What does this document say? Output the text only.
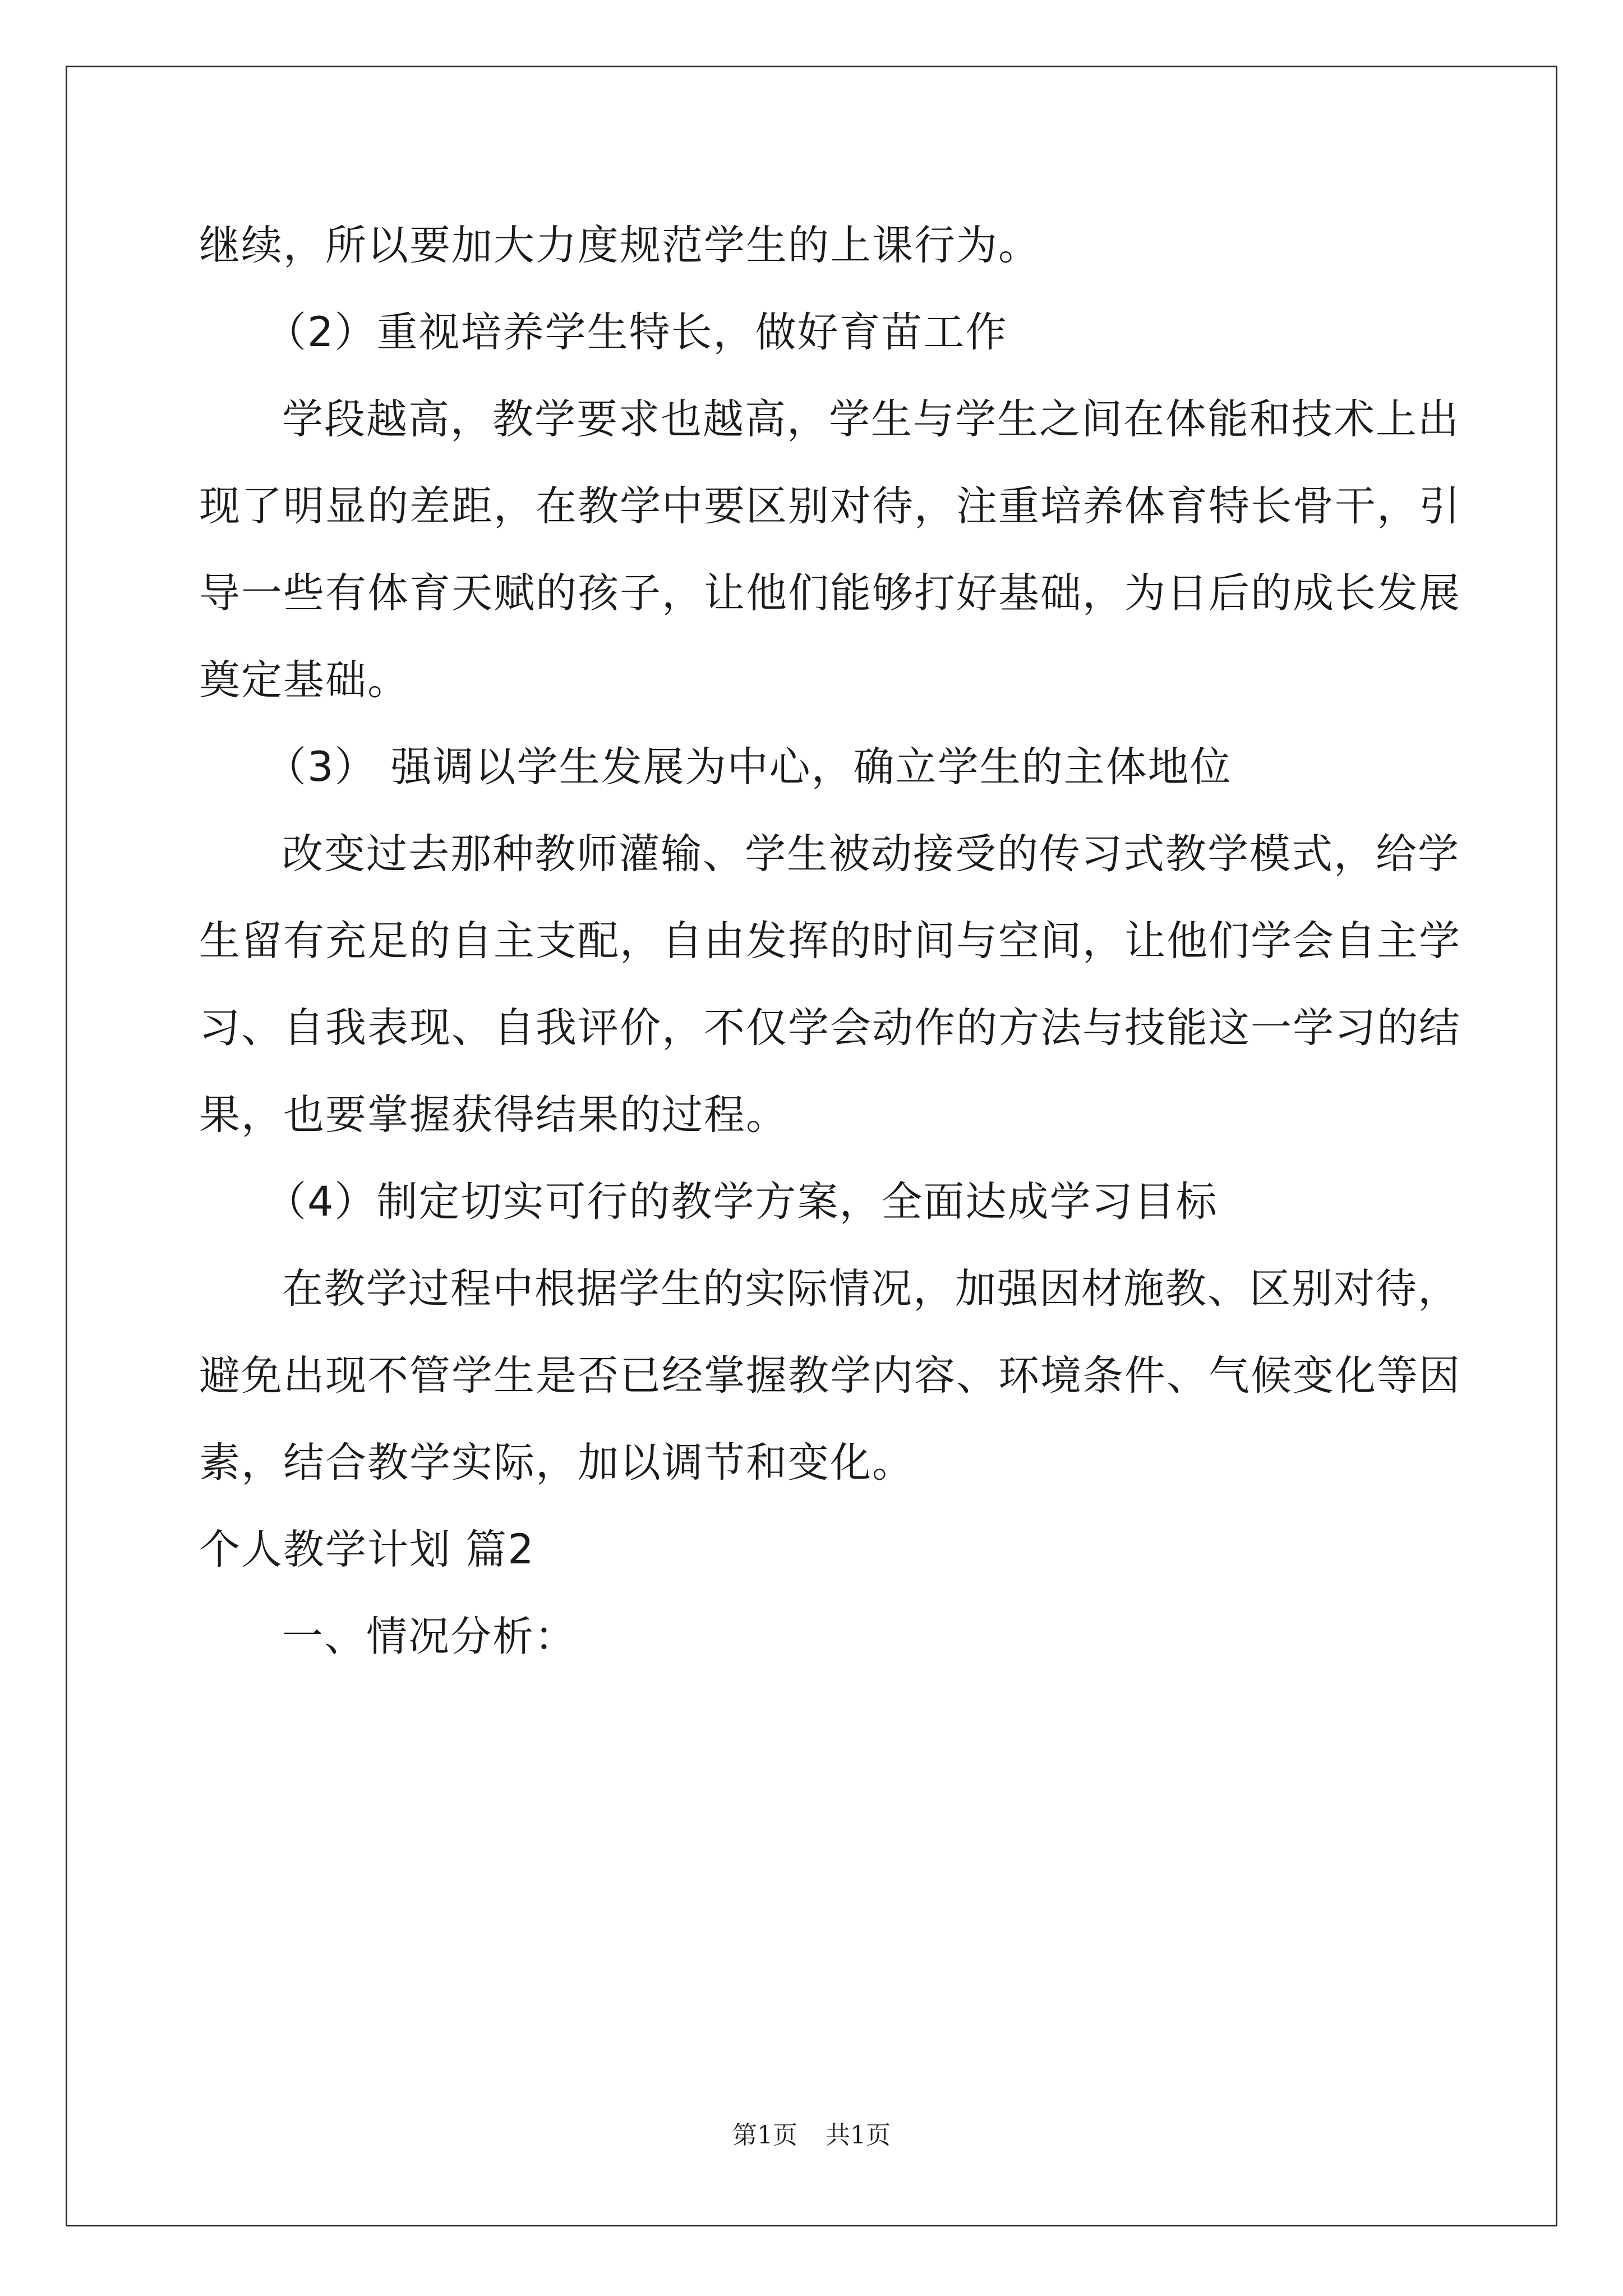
继续，所以要加大力度规范学生的上课行为。
（2）重视培养学生特长，做好育苗工作
学段越高，教学要求也越高，学生与学生之间在体能和技术上出
现了明显的差距，在教学中要区别对待，注重培养体育特长骨干，引
导一些有体育天赋的孩子，让他们能够打好基础，为日后的成长发展
奠定基础。
（3） 强调以学生发展为中心，确立学生的主体地位
改变过去那种教师灌输、学生被动接受的传习式教学模式，给学
生留有充足的自主支配，自由发挥的时间与空间，让他们学会自主学
习、自我表现、自我评价，不仅学会动作的方法与技能这一学习的结
果，也要掌握获得结果的过程。
（4）制定切实可行的教学方案，全面达成学习目标
在教学过程中根据学生的实际情况，加强因材施教、区别对待，
避免出现不管学生是否已经掌握教学内容、环境条件、气候变化等因
素，结合教学实际，加以调节和变化。
个人教学计划 篇2
一、情况分析：
第1页 共1页
